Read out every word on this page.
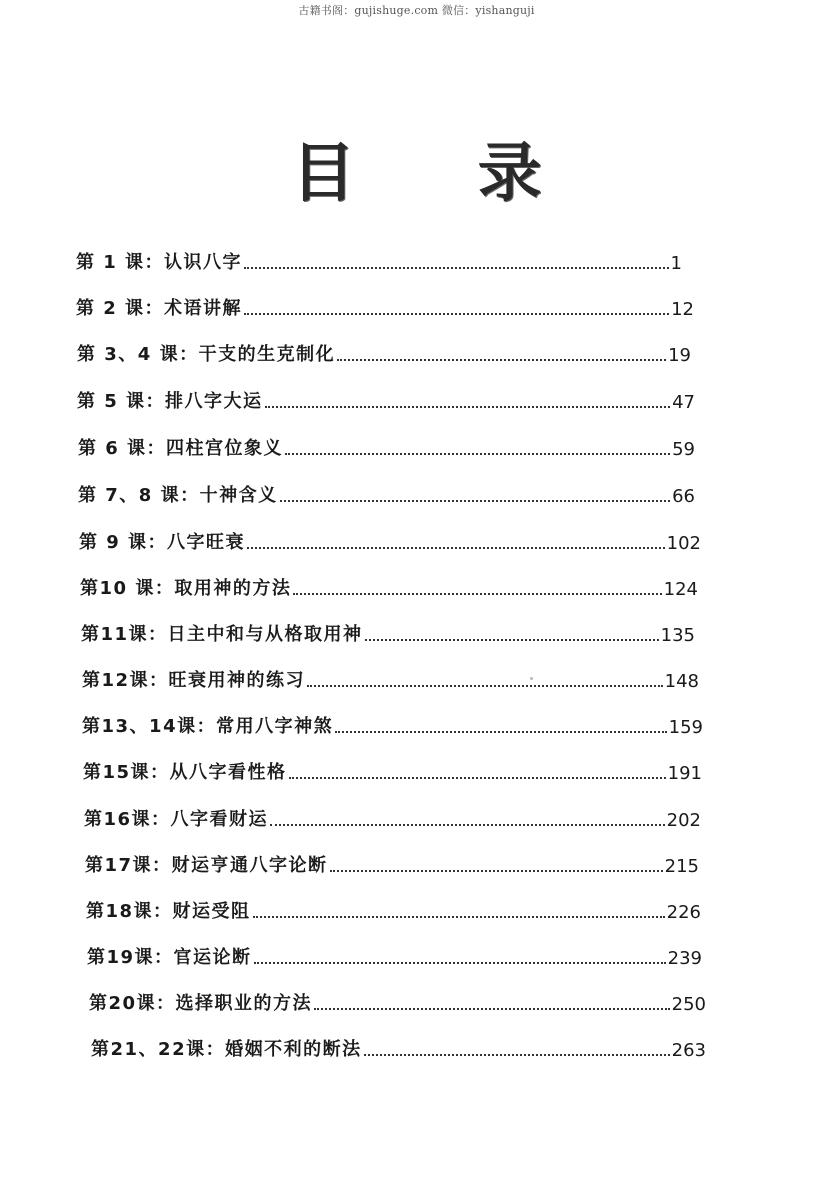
古籍书阁：gujishuge.com 微信：yishanguji
目 录
第 1 课：认识八字	1
第 2 课：术语讲解	12
第 3、4 课：干支的生克制化	19
第 5 课：排八字大运	47
第 6 课：四柱宫位象义	59
第 7、8 课：十神含义	66
第 9 课：八字旺衰	102
第10 课：取用神的方法	124
第11课：日主中和与从格取用神	135
第12课：旺衰用神的练习	148
第13、14课：常用八字神煞	159
第15课：从八字看性格	191
第16课：八字看财运	202
第17课：财运亨通八字论断	215
第18课：财运受阻	226
第19课：官运论断	239
第20课：选择职业的方法	250
第21、22课：婚姻不利的断法	263
